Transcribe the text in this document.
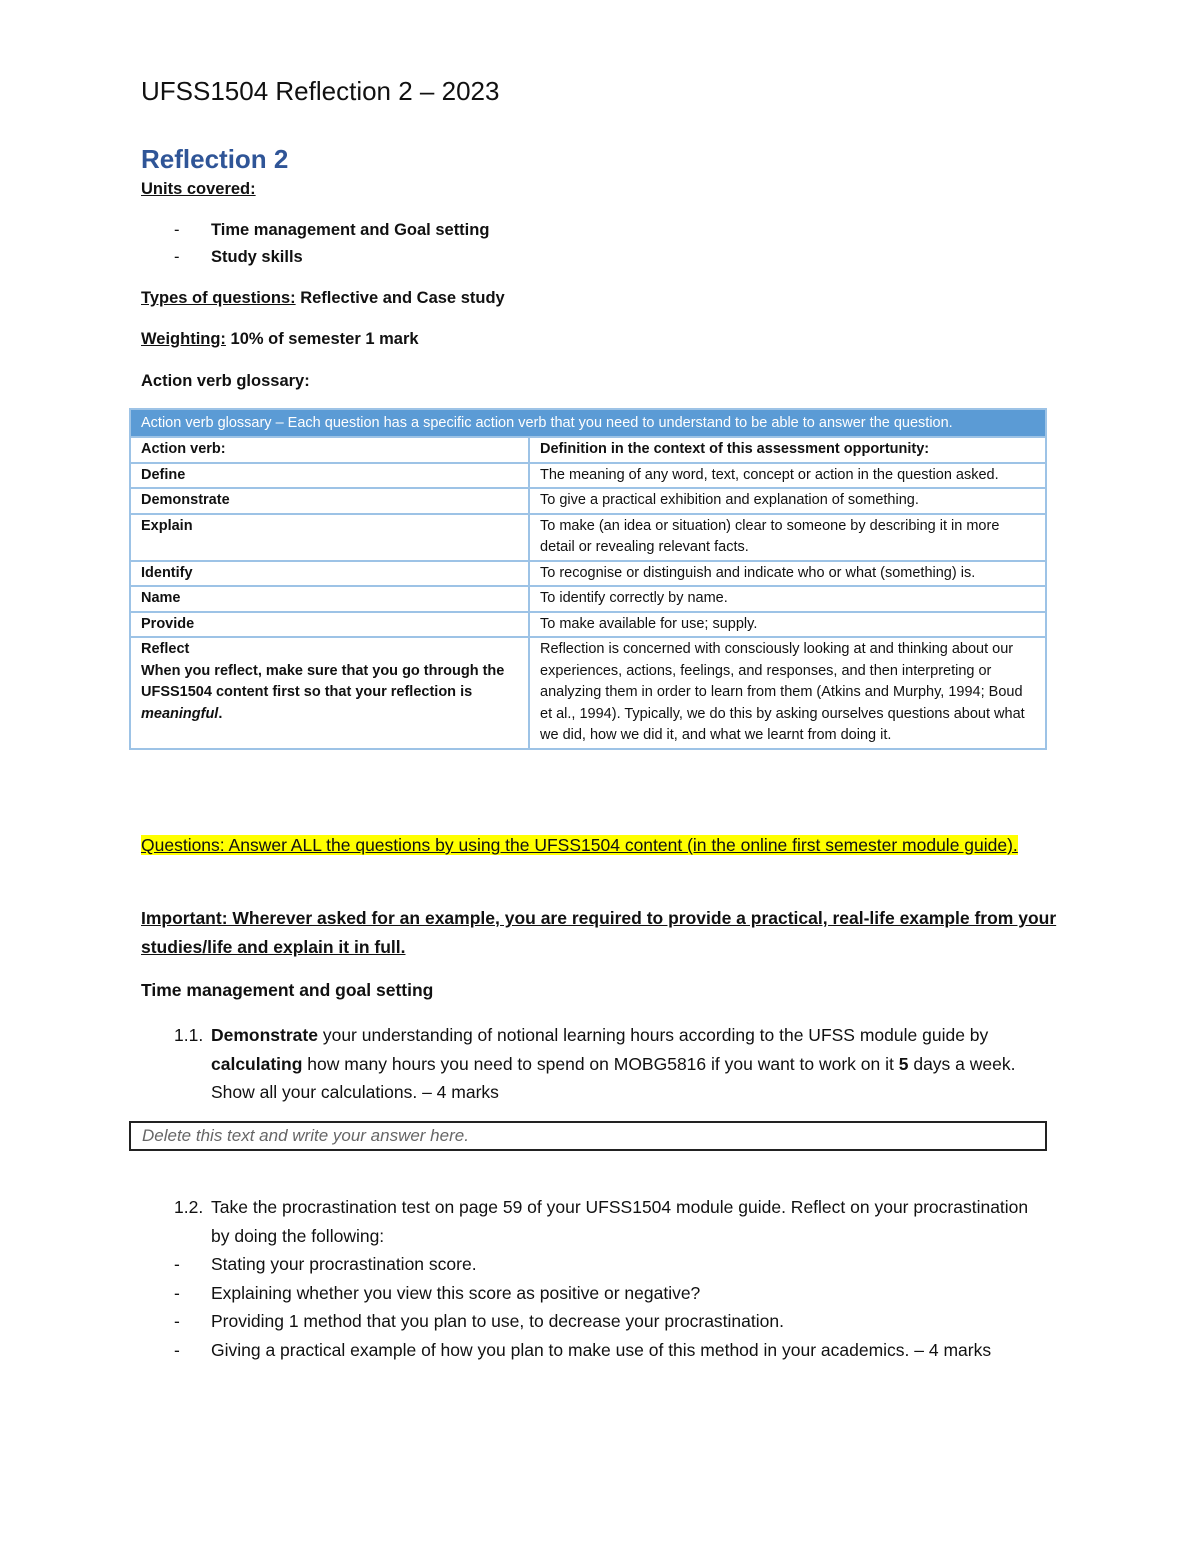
UFSS1504 Reflection 2 – 2023
Reflection 2
Units covered:
- Time management and Goal setting
- Study skills
Types of questions: Reflective and Case study
Weighting: 10% of semester 1 mark
Action verb glossary:
Action verb glossary – Each question has a specific action verb that you need to understand to be able to answer the question.	
Action verb:	Definition in the context of this assessment opportunity:
Define	The meaning of any word, text, concept or action in the question asked.
Demonstrate	To give a practical exhibition and explanation of something.
Explain	To make (an idea or situation) clear to someone by describing it in more detail or revealing relevant facts.
Identify	To recognise or distinguish and indicate who or what (something) is.
Name	To identify correctly by name.
Provide	To make available for use; supply.

Reflect
When you reflect, make sure that you go through the UFSS1504 content first so that your reflection is meaningful.	Reflection is concerned with consciously looking at and thinking about our experiences, actions, feelings, and responses, and then interpreting or analyzing them in order to learn from them (Atkins and Murphy, 1994; Boud et al., 1994). Typically, we do this by asking ourselves questions about what we did, how we did it, and what we learnt from doing it.
Questions: Answer ALL the questions by using the UFSS1504 content (in the online first semester module guide).
Important: Wherever asked for an example, you are required to provide a practical, real-life example from your studies/life and explain it in full.
Time management and goal setting
1.1. Demonstrate your understanding of notional learning hours according to the UFSS module guide by calculating how many hours you need to spend on MOBG5816 if you want to work on it 5 days a week. Show all your calculations. – 4 marks
Delete this text and write your answer here.
1.2. Take the procrastination test on page 59 of your UFSS1504 module guide. Reflect on your procrastination by doing the following:
- Stating your procrastination score.
- Explaining whether you view this score as positive or negative?
- Providing 1 method that you plan to use, to decrease your procrastination.
- Giving a practical example of how you plan to make use of this method in your academics. – 4 marks
